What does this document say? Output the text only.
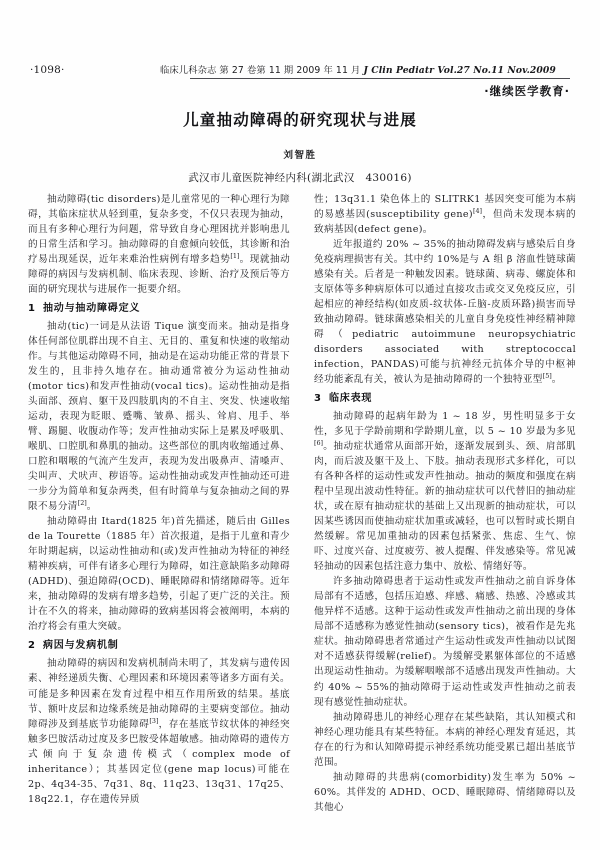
·1098·	临床儿科杂志 第 27 卷第 11 期 2009 年 11 月 J Clin Pediatr Vol.27 No.11 Nov.2009
·继续医学教育·
儿童抽动障碍的研究现状与进展
刘智胜
武汉市儿童医院神经内科(湖北武汉　430016)

抽动障碍(tic disorders)是儿童常见的一种心理行为障碍，其临床症状从轻到重，复杂多变，不仅只表现为抽动，而且有多种心理行为问题，常导致自身心理困扰并影响患儿的日常生活和学习。抽动障碍的自愈倾向较低，其诊断和治疗易出现延误，近年来难治性病例有增多趋势[1]。现就抽动障碍的病因与发病机制、临床表现、诊断、治疗及预后等方面的研究现状与进展作一扼要介绍。

1 抽动与抽动障碍定义

抽动(tic)一词是从法语 Tique 演变而来。抽动是指身体任何部位肌群出现不自主、无目的、重复和快速的收缩动作。与其他运动障碍不同，抽动是在运动功能正常的背景下发生的，且非持久地存在。抽动通常被分为运动性抽动(motor tics)和发声性抽动(vocal tics)。运动性抽动是指头面部、颈肩、躯干及四肢肌肉的不自主、突发、快速收缩运动，表现为眨眼、蹙嘴、皱鼻、摇头、耸肩、甩手、举臂、踢腿、收腹动作等；发声性抽动实际上是累及呼吸肌、喉肌、口腔肌和鼻肌的抽动。这些部位的肌肉收缩通过鼻、口腔和咽喉的气流产生发声，表现为发出吸鼻声、清嗓声、尖叫声、犬吠声、秽语等。运动性抽动或发声性抽动还可进一步分为简单和复杂两类，但有时简单与复杂抽动之间的界限不易分清[2]。

抽动障碍由 Itard(1825 年)首先描述，随后由 Gilles de la Tourette（1885 年）首次报道，是指于儿童和青少年时期起病，以运动性抽动和(或)发声性抽动为特征的神经精神疾病，可伴有诸多心理行为障碍，如注意缺陷多动障碍(ADHD)、强迫障碍(OCD)、睡眠障碍和情绪障碍等。近年来，抽动障碍的发病有增多趋势，引起了更广泛的关注。预计在不久的将来，抽动障碍的致病基因将会被阐明，本病的治疗将会有重大突破。

2 病因与发病机制

抽动障碍的病因和发病机制尚未明了，其发病与遗传因素、神经递质失衡、心理因素和环境因素等诸多方面有关。可能是多种因素在发育过程中相互作用所致的结果。基底节、额叶皮层和边缘系统是抽动障碍的主要病变部位。抽动障碍涉及到基底节功能障碍[3]，存在基底节纹状体的神经突触多巴胺活动过度及多巴胺受体超敏感。抽动障碍的遗传方式倾向于复杂遗传模式（complex mode of inheritance）；其基因定位(gene map locus)可能在 2p、4q34-35、7q31、8q、11q23、13q31、17q25、18q22.1，存在遗传异质

性；13q31.1 染色体上的 SLITRK1 基因突变可能为本病的易感基因(susceptibility gene)[4]，但尚未发现本病的致病基因(defect gene)。

近年报道约 20% ~ 35%的抽动障碍发病与感染后自身免疫病理损害有关。其中约 10%是与 A 组 β 溶血性链球菌感染有关。后者是一种触发因素。链球菌、病毒、螺旋体和支原体等多种病原体可以通过直接攻击或交叉免疫反应，引起相应的神经结构(如皮质-纹状体-丘脑-皮质环路)损害而导致抽动障碍。链球菌感染相关的儿童自身免疫性神经精神障碍（pediatric autoimmune neuropsychiatric disorders associated with streptococcal infection，PANDAS)可能与抗神经元抗体介导的中枢神经功能紊乱有关，被认为是抽动障碍的一个独特亚型[5]。

3 临床表现

抽动障碍的起病年龄为 1 ~ 18 岁，男性明显多于女性，多见于学龄前期和学龄期儿童，以 5 ~ 10 岁最为多见[6]。抽动症状通常从面部开始，逐渐发展到头、颈、肩部肌肉，而后波及躯干及上、下肢。抽动表现形式多样化，可以有各种各样的运动性或发声性抽动。抽动的频度和强度在病程中呈现出波动性特征。新的抽动症状可以代替旧的抽动症状，或在原有抽动症状的基础上又出现新的抽动症状，可以因某些诱因而使抽动症状加重或减轻，也可以暂时或长期自然缓解。常见加重抽动的因素包括紧张、焦虑、生气、惊吓、过度兴奋、过度疲劳、被人提醒、伴发感染等。常见减轻抽动的因素包括注意力集中、放松、情绪好等。

许多抽动障碍患者于运动性或发声性抽动之前自诉身体局部有不适感，包括压迫感、痒感、痛感、热感、冷感或其他异样不适感。这种于运动性或发声性抽动之前出现的身体局部不适感称为感觉性抽动(sensory tics)，被看作是先兆症状。抽动障碍患者常通过产生运动性或发声性抽动以试图对不适感获得缓解(relief)。为缓解受累躯体部位的不适感出现运动性抽动。为缓解咽喉部不适感出现发声性抽动。大约 40% ~ 55%的抽动障碍于运动性或发声性抽动之前表现有感觉性抽动症状。

抽动障碍患儿的神经心理存在某些缺陷，其认知模式和神经心理功能具有某些特征。本病的神经心理发育延迟，其存在的行为和认知障碍提示神经系统功能受累已超出基底节范围。

抽动障碍的共患病(comorbidity)发生率为 50% ~ 60%。其伴发的 ADHD、OCD、睡眠障碍、情绪障碍以及其他心
